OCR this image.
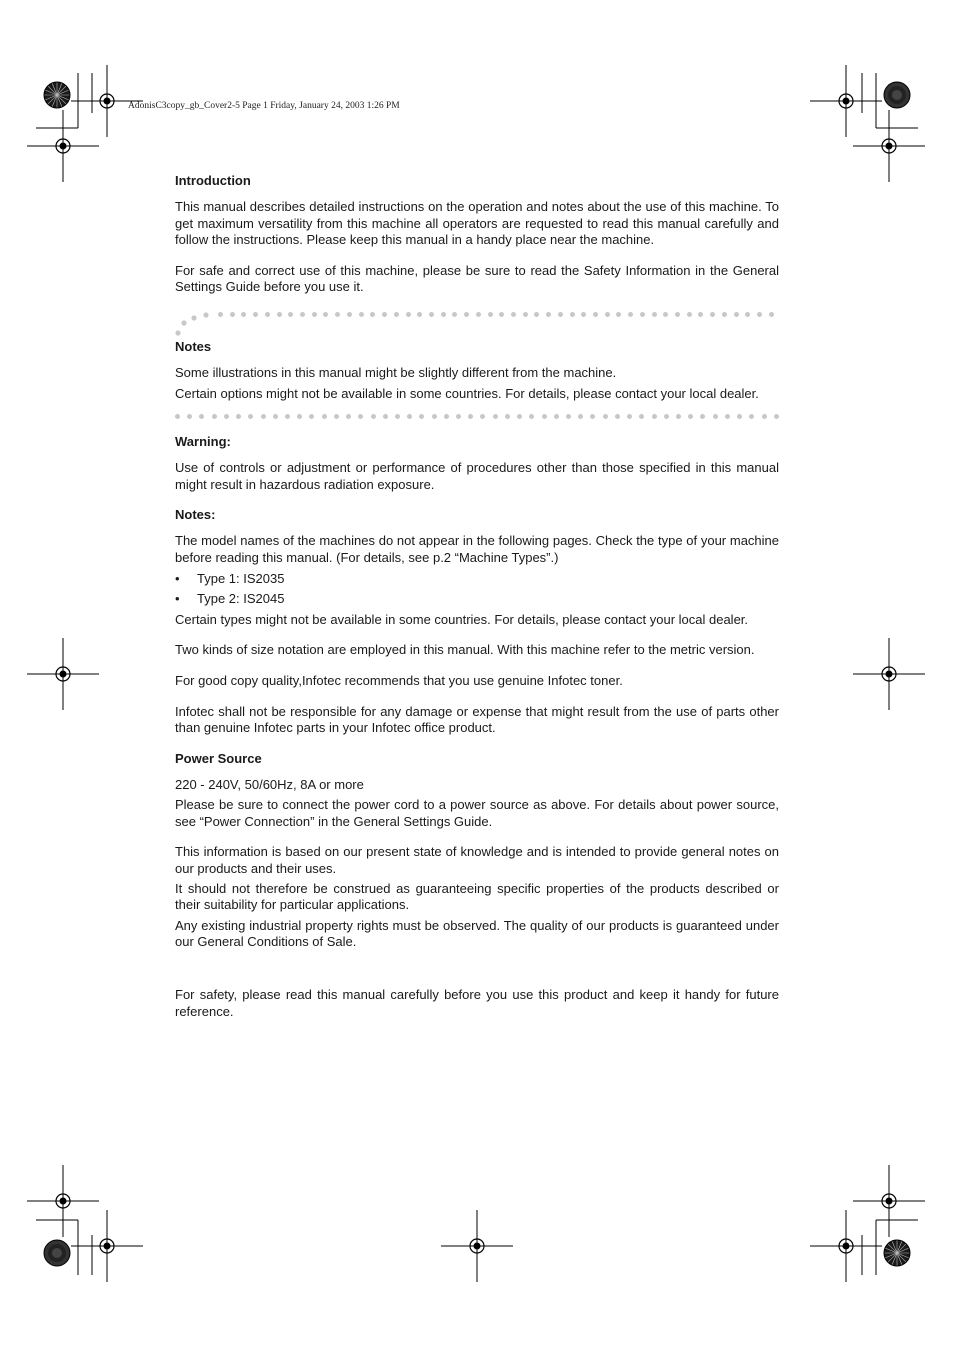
AdonisC3copy_gb_Cover2-5 Page 1 Friday, January 24, 2003 1:26 PM
Introduction

This manual describes detailed instructions on the operation and notes about the use of this machine. To get maximum versatility from this machine all operators are requested to read this manual carefully and follow the instructions. Please keep this manual in a handy place near the machine.

For safe and correct use of this machine, please be sure to read the Safety Information in the General Settings Guide before you use it.

Notes

Some illustrations in this manual might be slightly different from the machine.

Certain options might not be available in some countries. For details, please contact your local dealer.

Warning:

Use of controls or adjustment or performance of procedures other than those specified in this manual might result in hazardous radiation exposure.

Notes:

The model names of the machines do not appear in the following pages. Check the type of your machine before reading this manual. (For details, see p.2 “Machine Types”.)

•	Type 1: IS2035
•	Type 2: IS2045

Certain types might not be available in some countries. For details, please contact your local dealer.

Two kinds of size notation are employed in this manual. With this machine refer to the metric version.

For good copy quality,Infotec recommends that you use genuine Infotec toner.

Infotec shall not be responsible for any damage or expense that might result from the use of parts other than genuine Infotec parts in your Infotec office product.

Power Source

220 - 240V, 50/60Hz, 8A or more

Please be sure to connect the power cord to a power source as above. For details about power source, see “Power Connection” in the General Settings Guide.

This information is based on our present state of knowledge and is intended to provide general notes on our products and their uses.

It should not therefore be construed as guaranteeing specific properties of the products described or their suitability for particular applications.

Any existing industrial property rights must be observed. The quality of our products is guaranteed under our General Conditions of Sale.

For safety, please read this manual carefully before you use this product and keep it handy for future reference.
